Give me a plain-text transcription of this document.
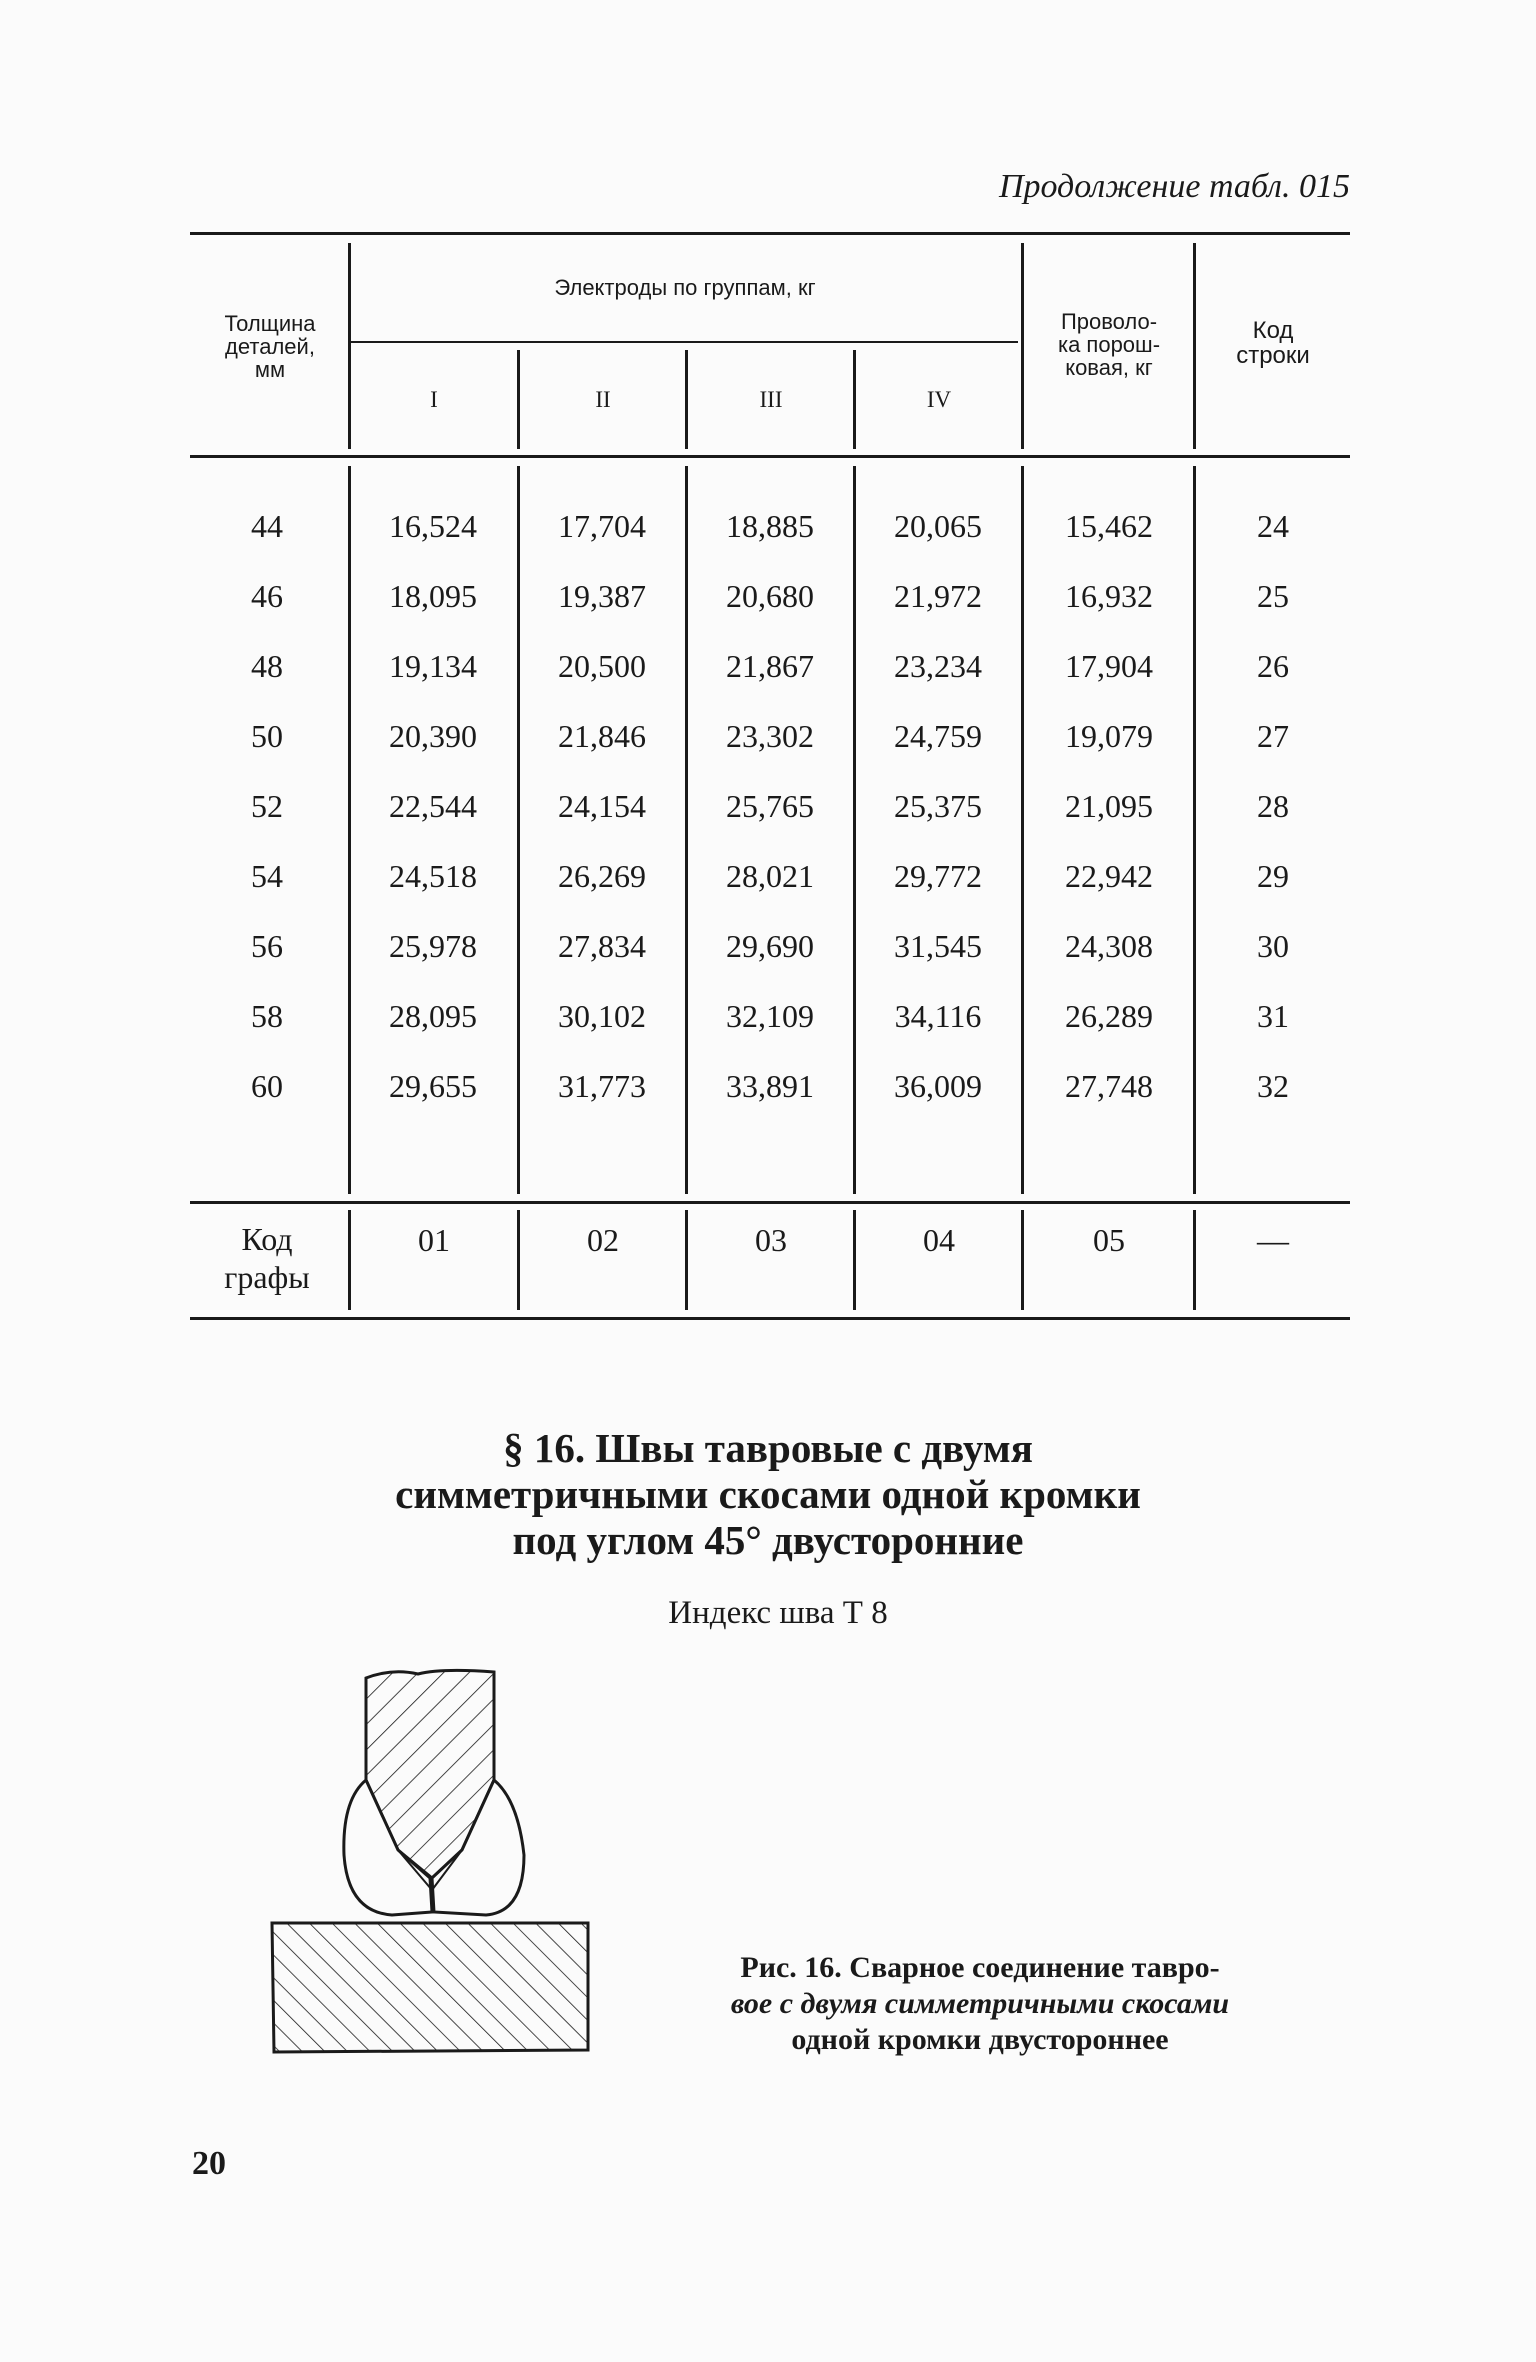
Продолжение табл. 015
Толщина
деталей,
мм
Электроды по группам, кг
I	II	III	IV
Проволо-
ка порош-
ковая, кг
Код
строки
44	16,524	17,704	18,885	20,065	15,462	24
46	18,095	19,387	20,680	21,972	16,932	25
48	19,134	20,500	21,867	23,234	17,904	26
50	20,390	21,846	23,302	24,759	19,079	27
52	22,544	24,154	25,765	25,375	21,095	28
54	24,518	26,269	28,021	29,772	22,942	29
56	25,978	27,834	29,690	31,545	24,308	30
58	28,095	30,102	32,109	34,116	26,289	31
60	29,655	31,773	33,891	36,009	27,748	32
Код
графы
01	02	03	04	05	—
§ 16. Швы тавровые с двумя
симметричными скосами одной кромки
под углом 45° двусторонние
Индекс шва Т 8
Рис. 16. Сварное соединение тавро-
вое с двумя симметричными скосами
одной кромки двустороннее
20
